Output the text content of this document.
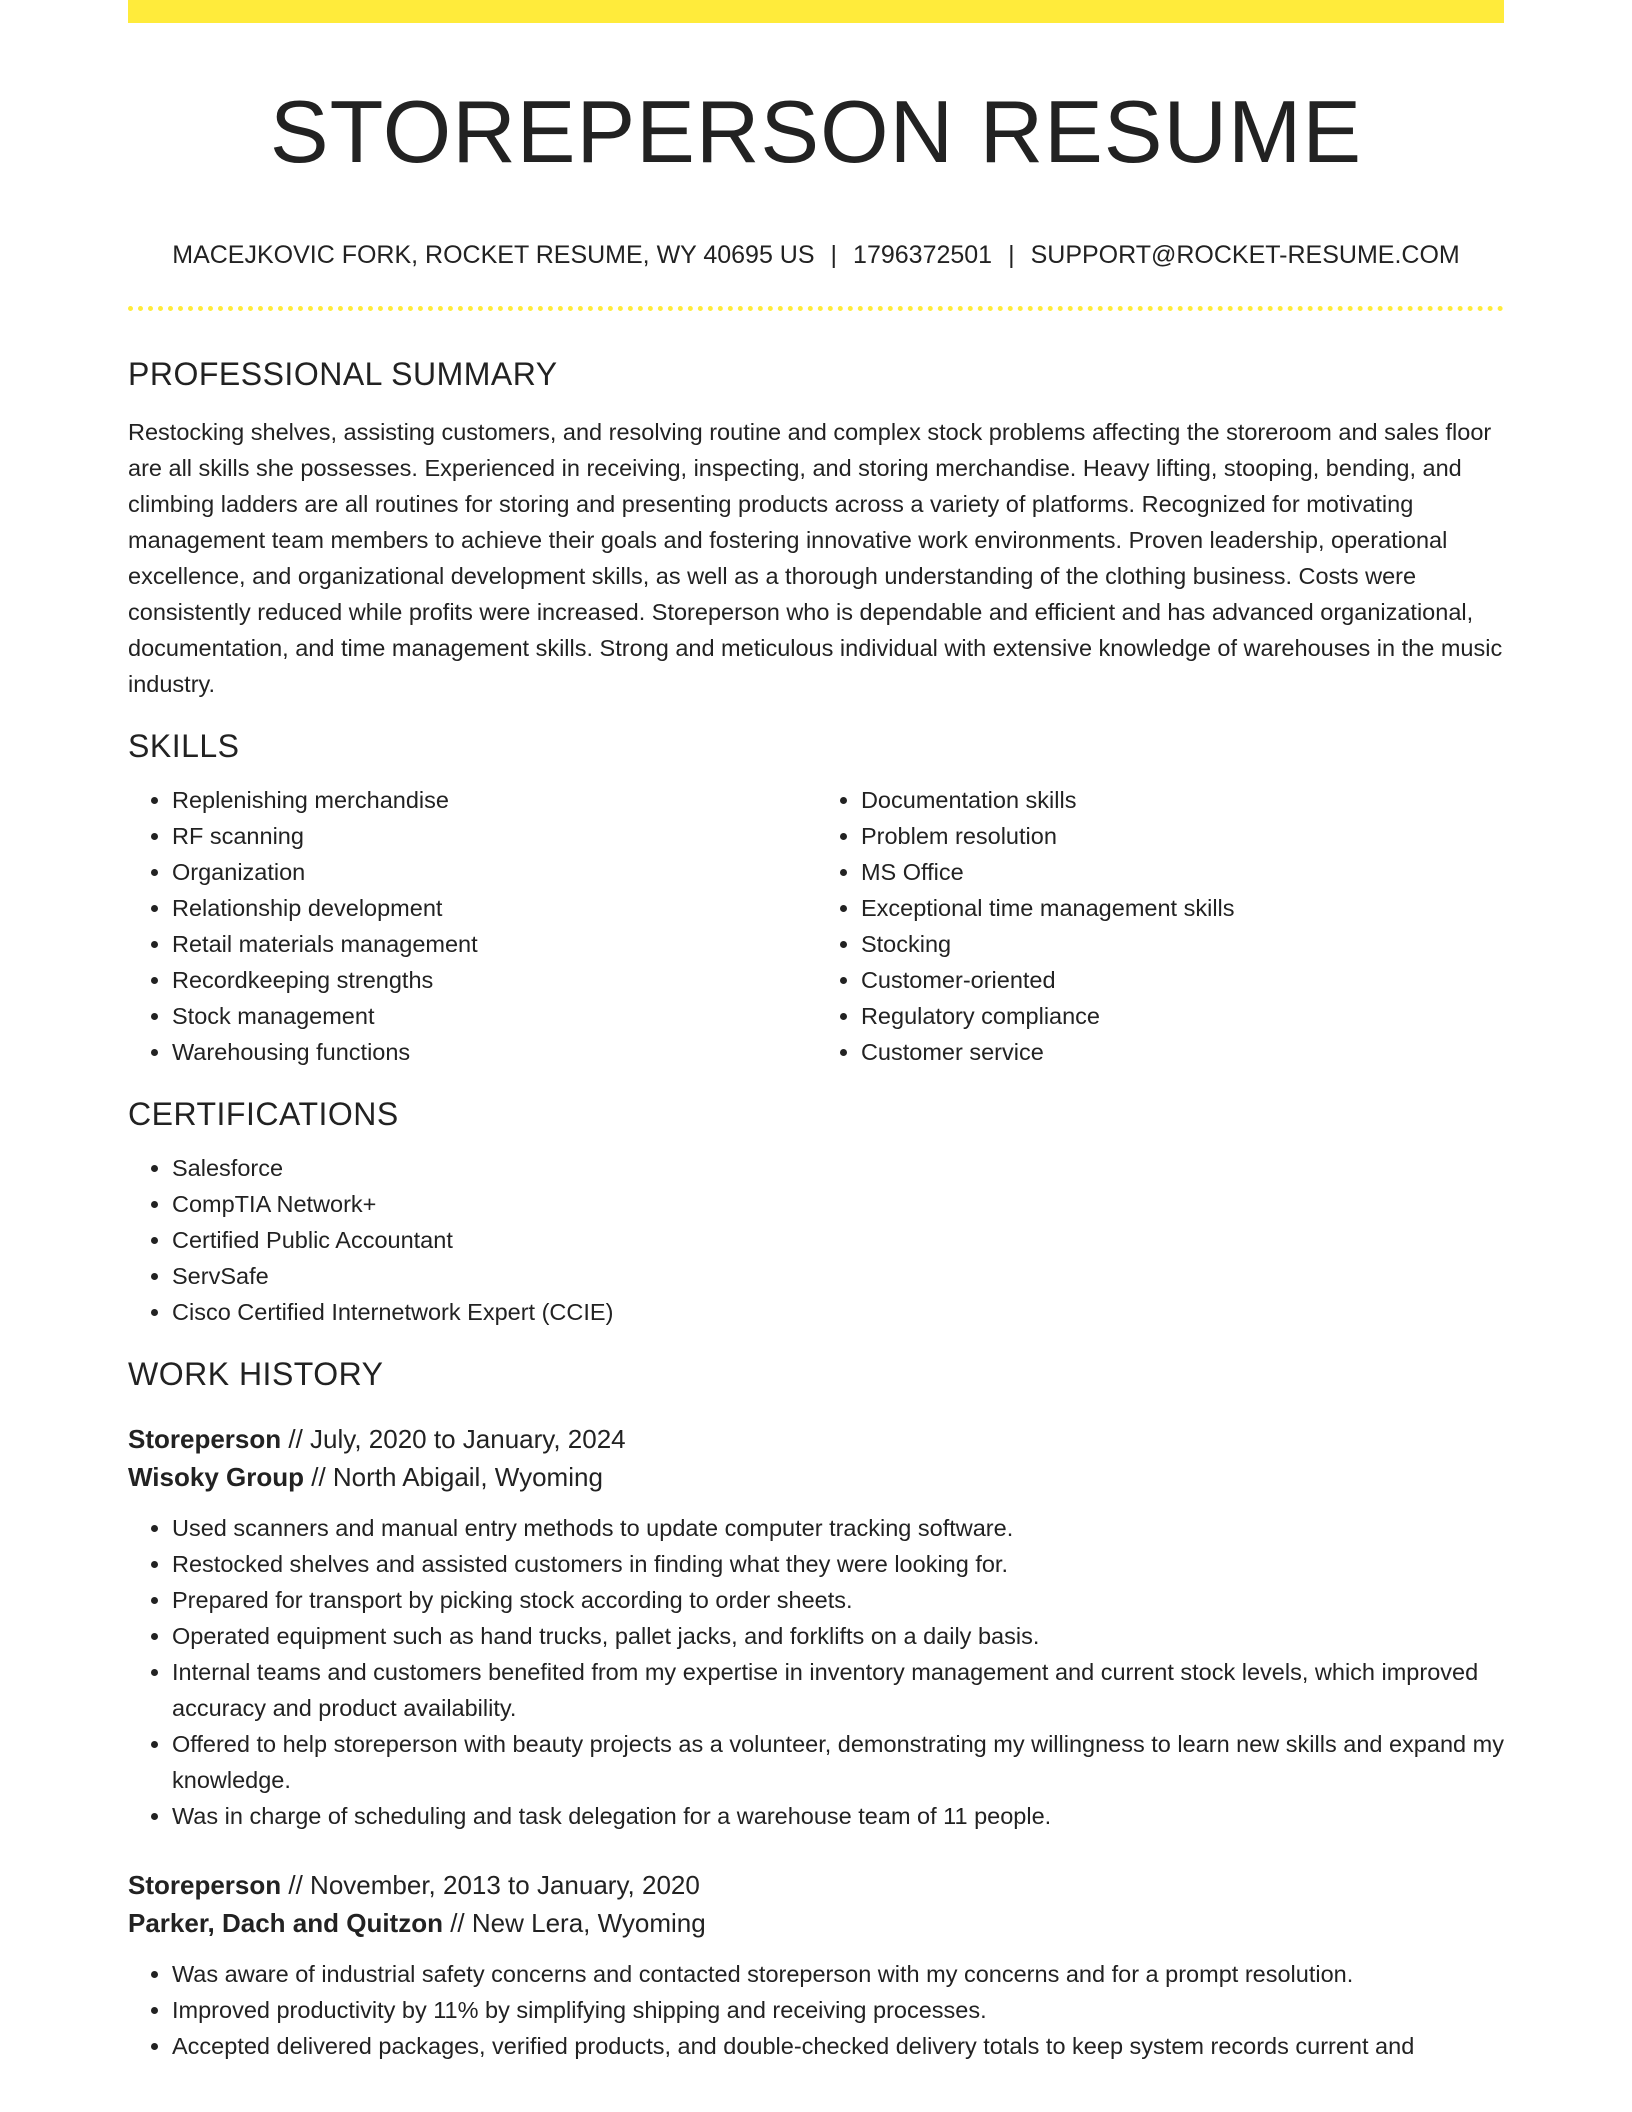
STOREPERSON RESUME
MACEJKOVIC FORK, ROCKET RESUME, WY 40695 US | 1796372501 | SUPPORT@ROCKET-RESUME.COM
PROFESSIONAL SUMMARY

Restocking shelves, assisting customers, and resolving routine and complex stock problems affecting the storeroom and sales floor are all skills she possesses. Experienced in receiving, inspecting, and storing merchandise. Heavy lifting, stooping, bending, and climbing ladders are all routines for storing and presenting products across a variety of platforms. Recognized for motivating management team members to achieve their goals and fostering innovative work environments. Proven leadership, operational excellence, and organizational development skills, as well as a thorough understanding of the clothing business. Costs were consistently reduced while profits were increased. Storeperson who is dependable and efficient and has advanced organizational, documentation, and time management skills. Strong and meticulous individual with extensive knowledge of warehouses in the music industry.

SKILLS
• Replenishing merchandise
• RF scanning
• Organization
• Relationship development
• Retail materials management
• Recordkeeping strengths
• Stock management
• Warehousing functions
• Documentation skills
• Problem resolution
• MS Office
• Exceptional time management skills
• Stocking
• Customer-oriented
• Regulatory compliance
• Customer service
CERTIFICATIONS
• Salesforce
• CompTIA Network+
• Certified Public Accountant
• ServSafe
• Cisco Certified Internetwork Expert (CCIE)
WORK HISTORY
Storeperson // July, 2020 to January, 2024
Wisoky Group // North Abigail, Wyoming
• Used scanners and manual entry methods to update computer tracking software.
• Restocked shelves and assisted customers in finding what they were looking for.
• Prepared for transport by picking stock according to order sheets.
• Operated equipment such as hand trucks, pallet jacks, and forklifts on a daily basis.
• Internal teams and customers benefited from my expertise in inventory management and current stock levels, which improved accuracy and product availability.
• Offered to help storeperson with beauty projects as a volunteer, demonstrating my willingness to learn new skills and expand my knowledge.
• Was in charge of scheduling and task delegation for a warehouse team of 11 people.
Storeperson // November, 2013 to January, 2020
Parker, Dach and Quitzon // New Lera, Wyoming
• Was aware of industrial safety concerns and contacted storeperson with my concerns and for a prompt resolution.
• Improved productivity by 11% by simplifying shipping and receiving processes.
• Accepted delivered packages, verified products, and double-checked delivery totals to keep system records current and
